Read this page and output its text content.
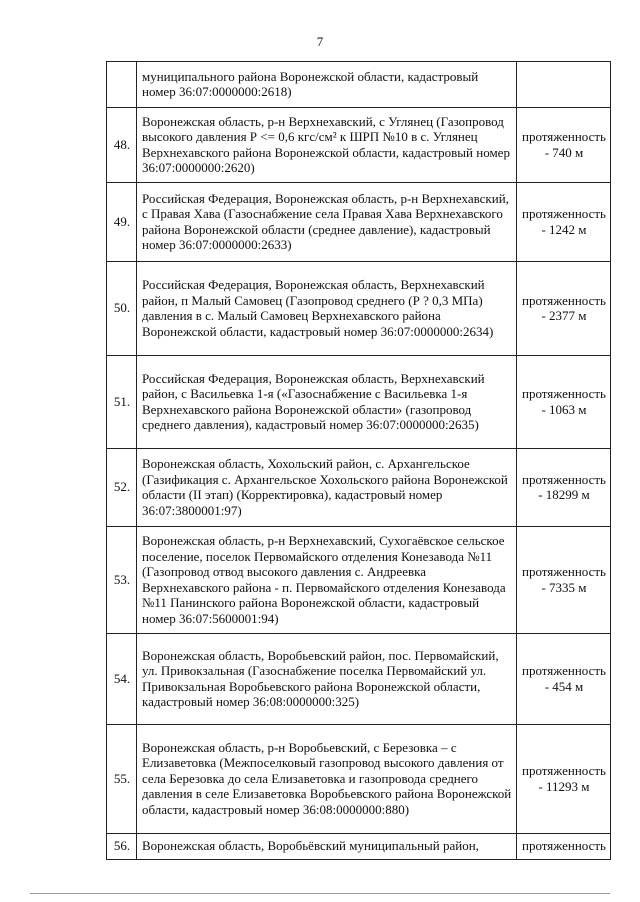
7
	муниципального района Воронежской области, кадастровый номер 36:07:0000000:2618)	
48.	Воронежская область, р-н Верхнехавский, с Углянец (Газопровод высокого давления Р <= 0,6 кгс/см² к ШРП №10 в с. Углянец Верхнехавского района Воронежской области, кадастровый номер 36:07:0000000:2620)	протяженность - 740 м
49.	Российская Федерация, Воронежская область, р-н Верхнехавский, с Правая Хава (Газоснабжение села Правая Хава Верхнехавского района Воронежской области (среднее давление), кадастровый номер 36:07:0000000:2633)	протяженность - 1242 м
50.	Российская Федерация, Воронежская область, Верхнехавский район, п Малый Самовец (Газопровод среднего (Р ? 0,3 МПа) давления в с. Малый Самовец Верхнехавского района Воронежской области, кадастровый номер 36:07:0000000:2634)	протяженность - 2377 м
51.	Российская Федерация, Воронежская область, Верхнехавский район, с Васильевка 1-я («Газоснабжение с Васильевка 1-я Верхнехавского района Воронежской области» (газопровод среднего давления), кадастровый номер 36:07:0000000:2635)	протяженность - 1063 м
52.	Воронежская область, Хохольский район, с. Архангельское (Газификация с. Архангельское Хохольского района Воронежской области (II этап) (Корректировка), кадастровый номер 36:07:3800001:97)	протяженность - 18299 м
53.	Воронежская область, р-н Верхнехавский, Сухогаёвское сельское поселение, поселок Первомайского отделения Конезавода №11 (Газопровод отвод высокого давления с. Андреевка Верхнехавского района - п. Первомайского отделения Конезавода №11 Панинского района Воронежской области, кадастровый номер 36:07:5600001:94)	протяженность - 7335 м
54.	Воронежская область, Воробьевский район, пос. Первомайский, ул. Привокзальная (Газоснабжение поселка Первомайский ул. Привокзальная Воробьевского района Воронежской области, кадастровый номер 36:08:0000000:325)	протяженность - 454 м
55.	Воронежская область, р-н Воробьевский, с Березовка – с Елизаветовка (Межпоселковый газопровод высокого давления от села Березовка до села Елизаветовка и газопровода среднего давления в селе Елизаветовка Воробьевского района Воронежской области, кадастровый номер 36:08:0000000:880)	протяженность - 11293 м
56.	Воронежская область, Воробьёвский муниципальный район,	протяженность
